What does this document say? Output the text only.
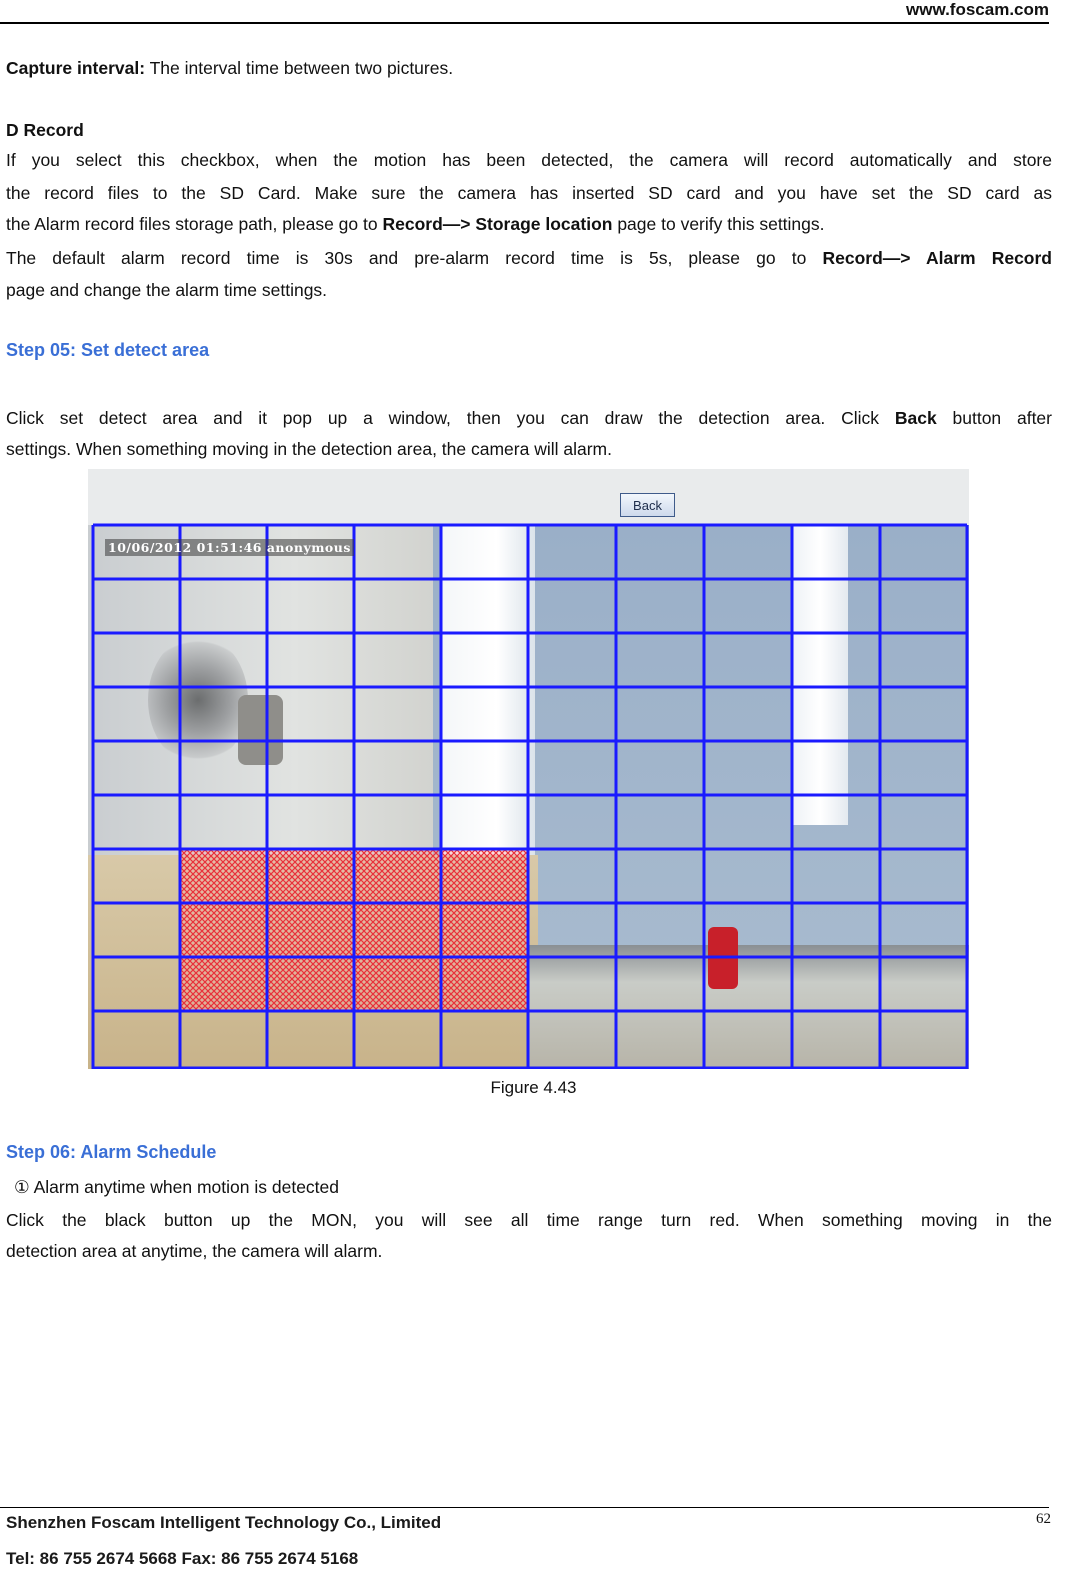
www.foscam.com
Capture interval: The interval time between two pictures.
D Record
If you select this checkbox, when the motion has been detected, the camera will record automatically and store
the record files to the SD Card. Make sure the camera has inserted SD card and you have set the SD card as
the Alarm record files storage path, please go to Record—> Storage location page to verify this settings.
The default alarm record time is 30s and pre-alarm record time is 5s, please go to Record—> Alarm Record
page and change the alarm time settings.
Step 05: Set detect area
Click set detect area and it pop up a window, then you can draw the detection area. Click Back button after
settings. When something moving in the detection area, the camera will alarm.
Back
10/06/2012 01:51:46 anonymous
Figure 4.43
Step 06: Alarm Schedule
① Alarm anytime when motion is detected
Click the black button up the MON, you will see all time range turn red. When something moving in the
detection area at anytime, the camera will alarm.
Shenzhen Foscam Intelligent Technology Co., Limited
Tel: 86 755 2674 5668 Fax: 86 755 2674 5168
62
